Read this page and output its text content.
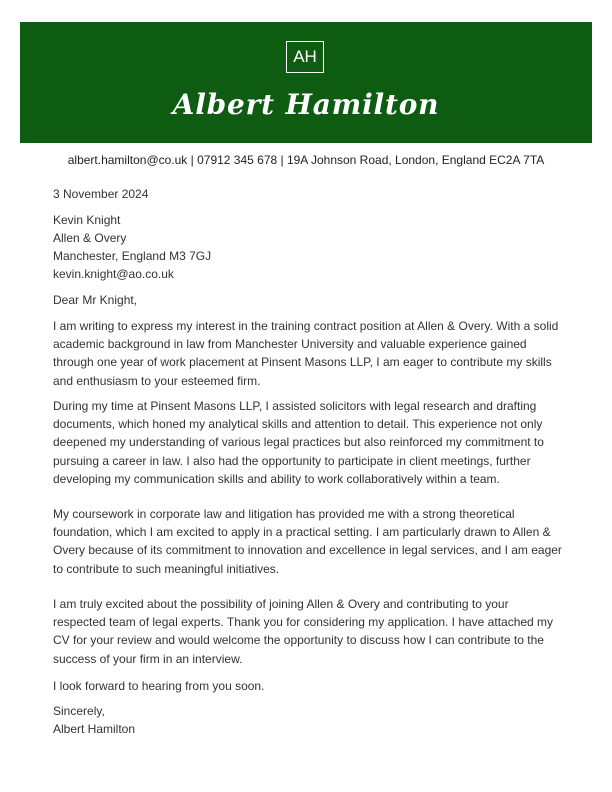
AH
Albert Hamilton
albert.hamilton@co.uk | 07912 345 678 | 19A Johnson Road, London, England EC2A 7TA
3 November 2024
Kevin Knight
Allen & Overy
Manchester, England M3 7GJ
kevin.knight@ao.co.uk
Dear Mr Knight,

I am writing to express my interest in the training contract position at Allen & Overy. With a solid academic background in law from Manchester University and valuable experience gained through one year of work placement at Pinsent Masons LLP, I am eager to contribute my skills and enthusiasm to your esteemed firm.

During my time at Pinsent Masons LLP, I assisted solicitors with legal research and drafting documents, which honed my analytical skills and attention to detail. This experience not only deepened my understanding of various legal practices but also reinforced my commitment to pursuing a career in law. I also had the opportunity to participate in client meetings, further developing my communication skills and ability to work collaboratively within a team.

My coursework in corporate law and litigation has provided me with a strong theoretical foundation, which I am excited to apply in a practical setting. I am particularly drawn to Allen & Overy because of its commitment to innovation and excellence in legal services, and I am eager to contribute to such meaningful initiatives.

I am truly excited about the possibility of joining Allen & Overy and contributing to your respected team of legal experts. Thank you for considering my application. I have attached my CV for your review and would welcome the opportunity to discuss how I can contribute to the success of your firm in an interview.

I look forward to hearing from you soon.
Sincerely,
Albert Hamilton
